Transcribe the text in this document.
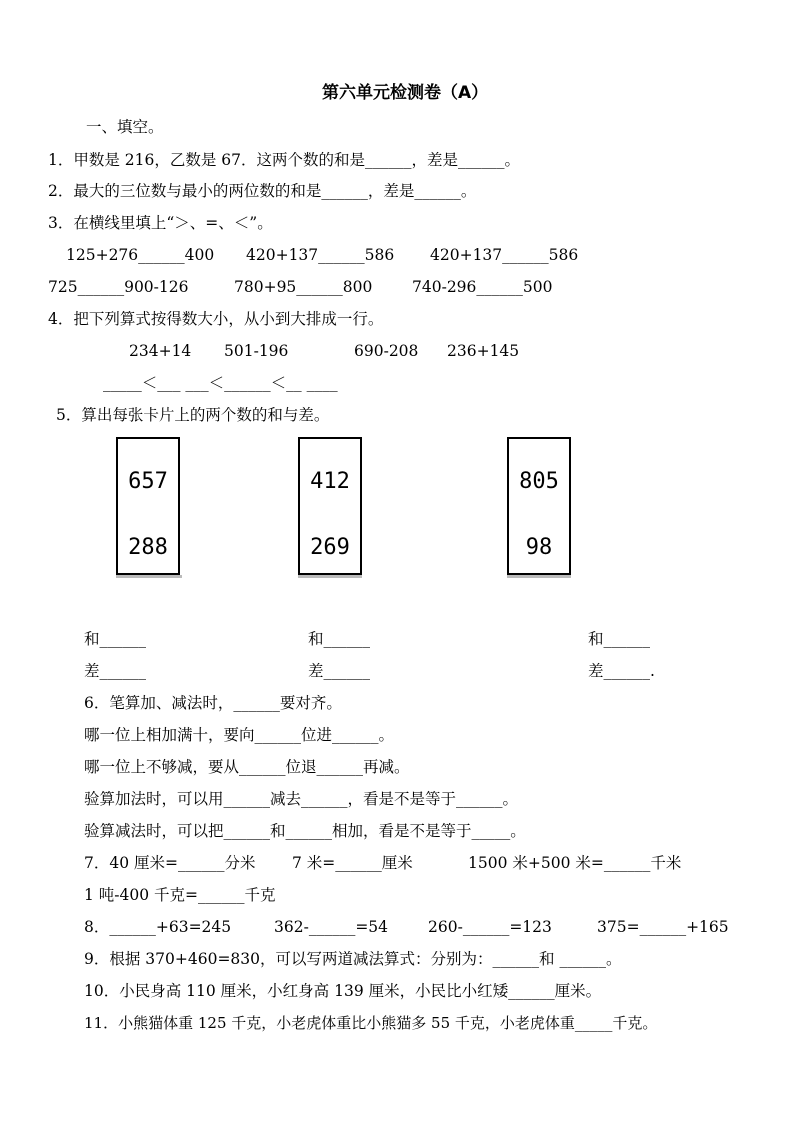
第六单元检测卷（A）
一、填空。
1．甲数是 216，乙数是 67．这两个数的和是______，差是______。
2．最大的三位数与最小的两位数的和是______，差是______。
3．在横线里填上“＞、=、＜”。
125+276______400 420+137______586 420+137______586
725______900-126	780+95______800	740-296______500
4．把下列算式按得数大小，从小到大排成一行。
234+14 501-196	690-208 236+145
_____＜___ ___＜______＜__ ____
5．算出每张卡片上的两个数的和与差。
657
288
412
269
805
98
和______	和______	和______
差______	差______	差______.
6．笔算加、减法时，______要对齐。
哪一位上相加满十，要向______位进______。
哪一位上不够减，要从______位退______再减。
验算加法时，可以用______减去______，看是不是等于______。
验算减法时，可以把______和______相加，看是不是等于_____。
7．40 厘米=______分米 7 米=______厘米	1500 米+500 米=______千米
1 吨-400 千克=______千克
8．______+63=245	362-______=54	260-______=123	375=______+165
9．根据 370+460=830，可以写两道减法算式：分别为：______和 ______。
10．小民身高 110 厘米，小红身高 139 厘米，小民比小红矮______厘米。
11．小熊猫体重 125 千克，小老虎体重比小熊猫多 55 千克，小老虎体重_____千克。
